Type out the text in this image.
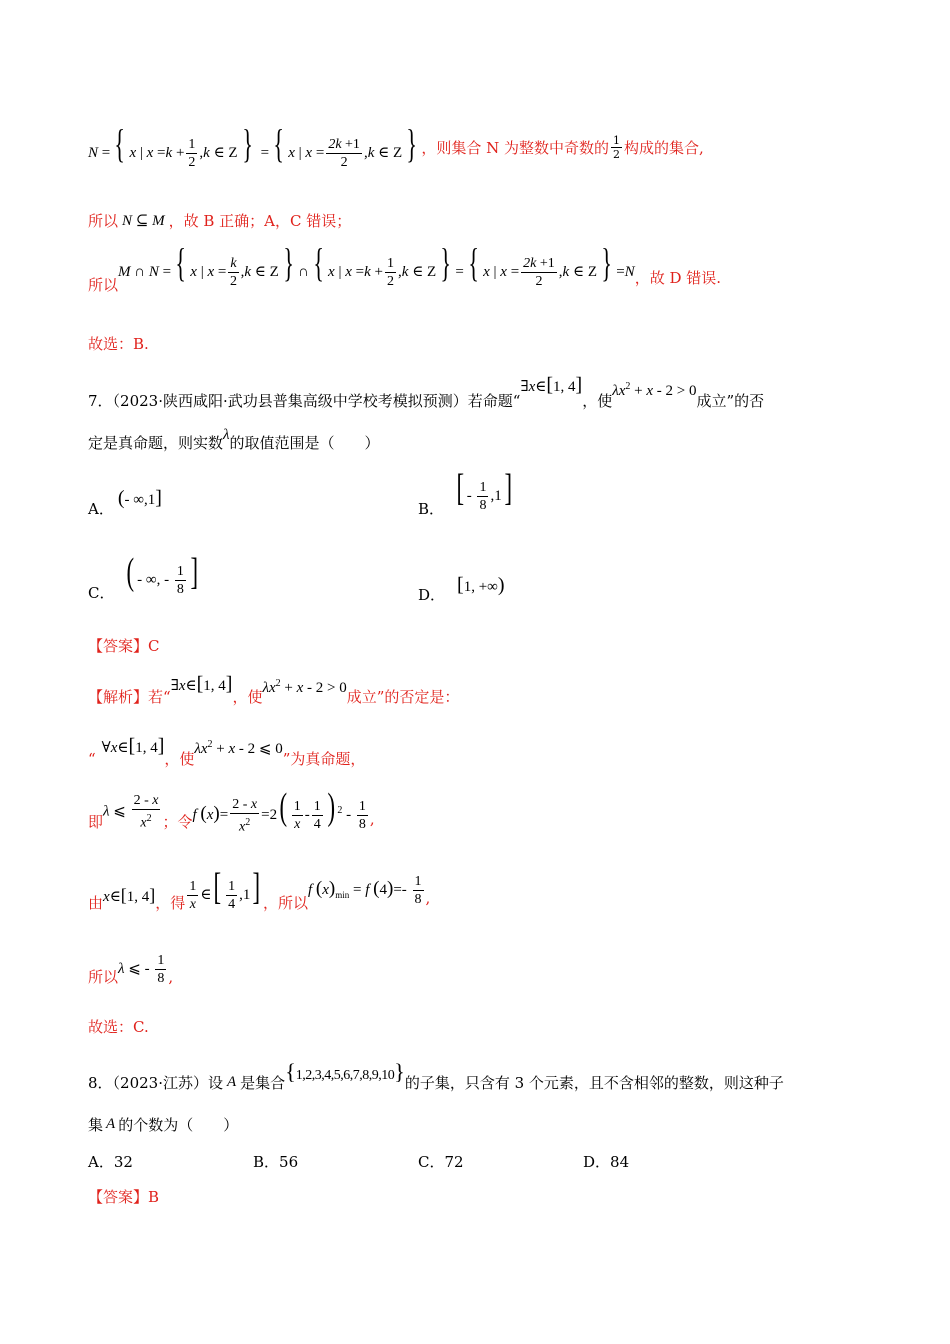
N = { x | $x =k + \frac{1}{2} ,k$ ∈ Z } = { x | $x = \frac{2k +1}{2} ,k$ ∈ Z } ，则集合 N 为整数中奇数的 $\frac{1}{2}$ 构成的集合,
所以 N ⊆ M ，故 B 正确；A，C 错误；
所以
M ∩ N = { x | $x = \frac{k}{2} ,k$ ∈ Z } ∩ { x | $x =k + \frac{1}{2} ,k$ ∈ Z } = { x | $x = \frac{2k +1}{2} ,k$ ∈ Z } =N ，故 D 错误.
故选：B.
7．（2023·陕西咸阳·武功县普集高级中学校考模拟预测）若命题“
∃x∈[1, 4]
，使
$\lambda x^2 + x - 2 > 0$
成立”的否
定是真命题，则实数 λ 的取值范围是（　　）
A． (- ∞,1]	B．
[ - $\frac{1}{8} ,1$]
C．
( - ∞, - $\frac{1}{8}$ ]
D． [1, +∞)
【答案】 C
【解析】 若“
∃x∈[1, 4]
，使 $\lambda x^2 + x - 2 > 0$ 成立”的否定是：
“
∀x∈[1, 4]
，使
$\lambda x^2 + x - 2$ ⩽ 0
”为真命题，
即
λ ⩽ $\frac{2 - x}{x^2}$ ；令 f $(x)= \frac{2 - x}{x^2} =2( \frac{1}{x} - \frac{1}{4}$ ) $^2 - \frac{1}{8}$ ,
由 x∈[1, 4] ，得 $\frac{1}{x}$ ∈[ $\frac{1}{4} ,1$] ，所以
f $(x)_{min} = f$ $(4)=- \frac{1}{8}$ ,
所以 λ ⩽ - $\frac{1}{8}$ ,
故选：C.
8．（2023·江苏）设 A 是集合 {1,2,3,4,5,6,7,8,9,10} 的子集，只含有 3 个元素，且不含相邻的整数，则这种子
集 A 的个数为（　　）
A． 32	B． 56	C． 72	D． 84
【答案】 B
